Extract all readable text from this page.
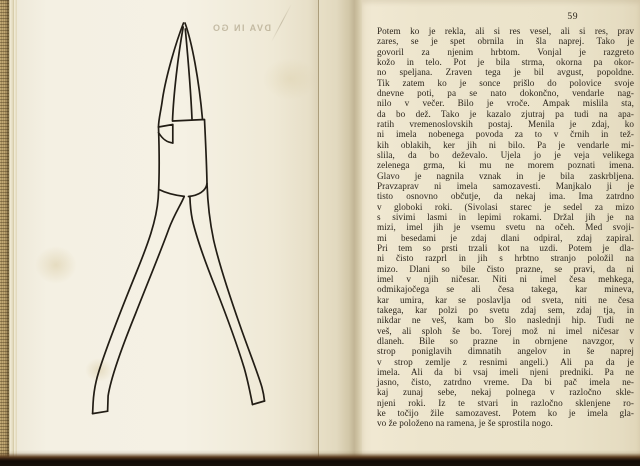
DVA IN GO
59
Potem ko je rekla, ali si res vesel, ali si res, prav
zares, se je spet obrnila in šla naprej. Tako je
govoril za njenim hrbtom. Vonjal je razgreto
kožo in telo. Pot je bila strma, okorna pa okor-
no speljana. Zraven tega je bil avgust, popoldne.
Tik zatem ko je sonce prišlo do polovice svoje
dnevne poti, pa se nato dokončno, vendarle nag-
nilo v večer. Bilo je vroče. Ampak mislila sta,
da bo dež. Tako je kazalo zjutraj pa tudi na apa-
ratih vremenoslovskih postaj. Menila je zdaj, ko
ni imela nobenega povoda za to v črnih in tež-
kih oblakih, ker jih ni bilo. Pa je vendarle mi-
slila, da bo deževalo. Ujela jo je veja velikega
zelenega grma, ki mu ne morem poznati imena.
Glavo je nagnila vznak in je bila zaskrbljena.
Pravzaprav ni imela samozavesti. Manjkalo ji je
tisto osnovno občutje, da nekaj ima. Ima zatrdno
v globoki roki. (Sivolasi starec je sedel za mizo
s sivimi lasmi in lepimi rokami. Držal jih je na
mizi, imel jih je vsemu svetu na očeh. Med svoji-
mi besedami je zdaj dlani odpiral, zdaj zapiral.
Pri tem so prsti trzali kot na uzdi. Potem je dla-
ni čisto razprl in jih s hrbtno stranjo položil na
mizo. Dlani so bile čisto prazne, se pravi, da ni
imel v njih ničesar. Niti ni imel česa mehkega,
odmikajočega se ali česa takega, kar mineva,
kar umira, kar se poslavlja od sveta, niti ne česa
takega, kar polzi po svetu zdaj sem, zdaj tja, in
nikdar ne veš, kam bo šlo naslednji hip. Tudi ne
veš, ali sploh še bo. Torej mož ni imel ničesar v
dlaneh. Bile so prazne in obrnjene navzgor, v
strop poniglavih dimnatih angelov in še naprej
v strop zemlje z resnimi angeli.) Ali pa da je
imela. Ali da bi vsaj imeli njeni predniki. Pa ne
jasno, čisto, zatrdno vreme. Da bi pač imela ne-
kaj zunaj sebe, nekaj polnega v razločno skle-
njeni roki. Iz te stvari in razločno sklenjene ro-
ke točijo žile samozavest. Potem ko je imela gla-
vo že položeno na ramena, je še sprostila nogo.
